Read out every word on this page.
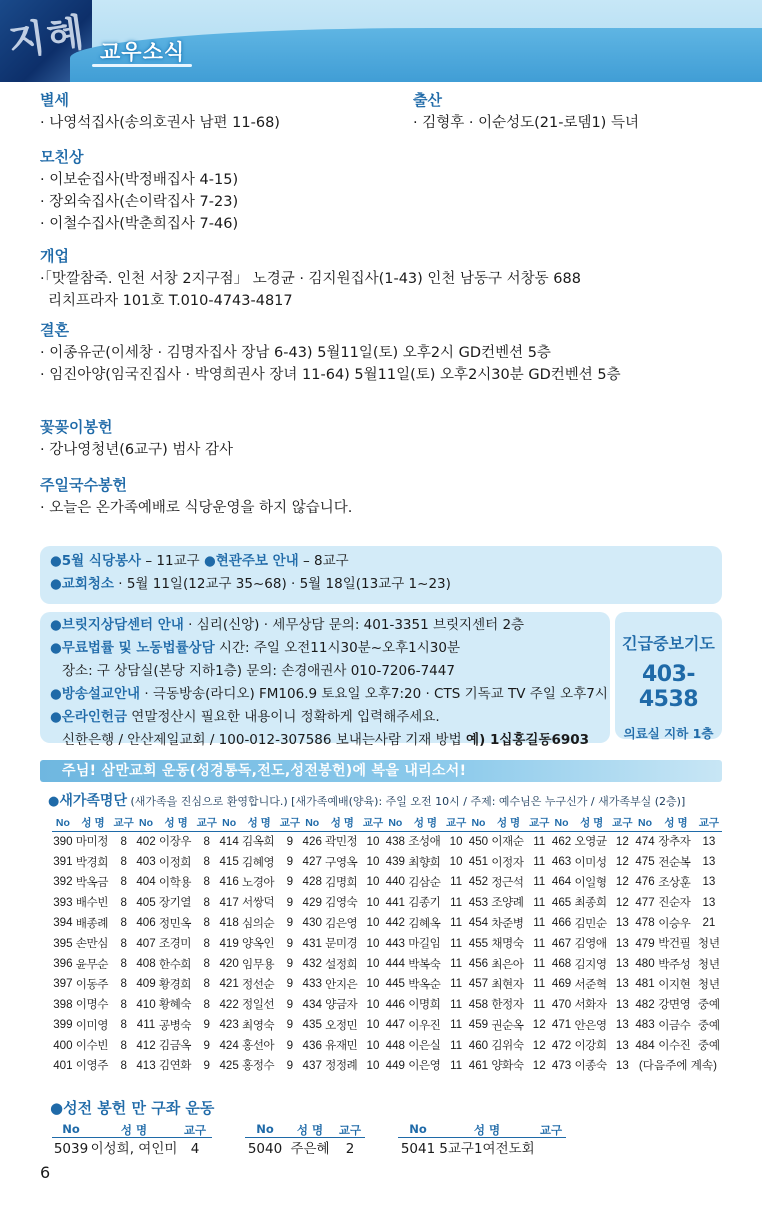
지혜 교우소식
별세
· 나영석집사(송의호권사 남편 11-68)
출산
· 김형후 · 이순성도(21-로뎀1) 득녀
모친상
· 이보순집사(박정배집사 4-15)
· 장외숙집사(손이락집사 7-23)
· 이철수집사(박춘희집사 7-46)
개업
·「맛깔참죽. 인천 서창 2지구점」 노경균 · 김지원집사(1-43) 인천 남동구 서창동 688
리치프라자 101호 T.010-4743-4817
결혼
· 이종유군(이세창 · 김명자집사 장남 6-43) 5월11일(토) 오후2시 GD컨벤션 5층
· 임진아양(임국진집사 · 박영희권사 장녀 11-64) 5월11일(토) 오후2시30분 GD컨벤션 5층
꽃꽂이봉헌
· 강나영청년(6교구) 범사 감사
주일국수봉헌
· 오늘은 온가족예배로 식당운영을 하지 않습니다.
●5월 식당봉사 – 11교구 ●현관주보 안내 – 8교구
●교회청소 · 5월 11일(12교구 35~68) · 5월 18일(13교구 1~23)
●브릿지상담센터 안내 · 심리(신앙) · 세무상담 문의: 401-3351 브릿지센터 2층
●무료법률 및 노동법률상담 시간: 주일 오전11시30분~오후1시30분
장소: 구 상담실(본당 지하1층) 문의: 손경애권사 010-7206-7447
●방송설교안내 · 극동방송(라디오) FM106.9 토요일 오후7:20 · CTS 기독교 TV 주일 오후7시
●온라인헌금 연말정산시 필요한 내용이니 정확하게 입력해주세요.
신한은행 / 안산제일교회 / 100-012-307586 보내는사람 기재 방법 예) 1십홍길동6903
긴급중보기도
403-4538
의료실 지하 1층
주님! 삼만교회 운동(성경통독,전도,성전봉헌)에 복을 내리소서!
●새가족명단 (새가족을 진심으로 환영합니다.) [새가족예배(양육): 주일 오전 10시 / 주제: 예수님은 누구신가 / 새가족부실 (2층)]
No	성 명	교구	No	성 명	교구	No	성 명	교구	No	성 명	교구	No	성 명	교구	No	성 명	교구	No	성 명	교구	No	성 명	교구
390	마미정	8	402	이장우	8	414	김옥희	9	426	곽민정	10	438	조성애	10	450	이재순	11	462	오영균	12	474	장추자	13
391	박경희	8	403	이정희	8	415	김혜영	9	427	구영옥	10	439	최향희	10	451	이정자	11	463	이미성	12	475	전순복	13
392	박옥금	8	404	이학용	8	416	노경아	9	428	김명희	10	440	김삼순	11	452	정근석	11	464	이일형	12	476	조상훈	13
393	배수빈	8	405	장기열	8	417	서쌍덕	9	429	김영숙	10	441	김종기	11	453	조양례	11	465	최종희	12	477	진순자	13
394	배종례	8	406	정민옥	8	418	심의순	9	430	김은영	10	442	김혜옥	11	454	차준병	11	466	김민순	13	478	이승우	21
395	손만심	8	407	조경미	8	419	양옥인	9	431	문미경	10	443	마길임	11	455	채명숙	11	467	김영애	13	479	박건필	청년
396	윤무순	8	408	한수희	8	420	임무용	9	432	설정희	10	444	박복숙	11	456	최은아	11	468	김지영	13	480	박주성	청년
397	이동주	8	409	황경희	8	421	정선순	9	433	안지은	10	445	박옥순	11	457	최현자	11	469	서준혁	13	481	이지현	청년
398	이명수	8	410	황혜숙	8	422	정일선	9	434	양금자	10	446	이명희	11	458	한정자	11	470	서화자	13	482	강면영	중예
399	이미영	8	411	공병숙	9	423	최영숙	9	435	오정민	10	447	이우진	11	459	권순옥	12	471	안은영	13	483	이금수	중예
400	이수빈	8	412	김금옥	9	424	홍선아	9	436	유재민	10	448	이은실	11	460	김위숙	12	472	이강희	13	484	이수진	중예
401	이영주	8	413	김연화	9	425	홍정수	9	437	정정례	10	449	이은영	11	461	양화숙	12	473	이종숙	13	(다음주에 계속)		
●성전 봉헌 만 구좌 운동
No	성 명	교구
5039 이성희, 여인미 4
No	성 명	교구
5040 주은혜	2
No	성 명	교구
5041 5교구1여전도회
6
